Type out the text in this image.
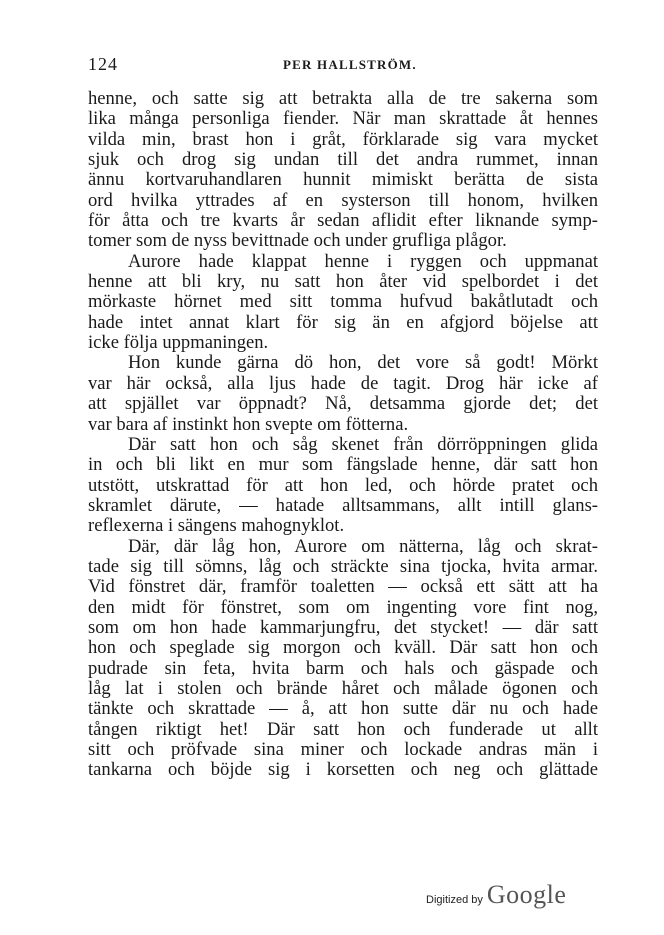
124	PER HALLSTRÖM.
henne, och satte sig att betrakta alla de tre sakerna som
lika många personliga fiender. När man skrattade åt hennes
vilda min, brast hon i gråt, förklarade sig vara mycket
sjuk och drog sig undan till det andra rummet, innan
ännu kortvaruhandlaren hunnit mimiskt berätta de sista
ord hvilka yttrades af en systerson till honom, hvilken
för åtta och tre kvarts år sedan aflidit efter liknande symp-
tomer som de nyss bevittnade och under grufliga plågor.
Aurore hade klappat henne i ryggen och uppmanat
henne att bli kry, nu satt hon åter vid spelbordet i det
mörkaste hörnet med sitt tomma hufvud bakåtlutadt och
hade intet annat klart för sig än en afgjord böjelse att
icke följa uppmaningen.
Hon kunde gärna dö hon, det vore så godt! Mörkt
var här också, alla ljus hade de tagit. Drog här icke af
att spjället var öppnadt? Nå, detsamma gjorde det; det
var bara af instinkt hon svepte om fötterna.
Där satt hon och såg skenet från dörröppningen glida
in och bli likt en mur som fängslade henne, där satt hon
utstött, utskrattad för att hon led, och hörde pratet och
skramlet därute, — hatade alltsammans, allt intill glans-
reflexerna i sängens mahognyklot.
Där, där låg hon, Aurore om nätterna, låg och skrat-
tade sig till sömns, låg och sträckte sina tjocka, hvita armar.
Vid fönstret där, framför toaletten — också ett sätt att ha
den midt för fönstret, som om ingenting vore fint nog,
som om hon hade kammarjungfru, det stycket! — där satt
hon och speglade sig morgon och kväll. Där satt hon och
pudrade sin feta, hvita barm och hals och gäspade och
låg lat i stolen och brände håret och målade ögonen och
tänkte och skrattade — å, att hon sutte där nu och hade
tången riktigt het! Där satt hon och funderade ut allt
sitt och pröfvade sina miner och lockade andras män i
tankarna och böjde sig i korsetten och neg och glättade
Digitized by Google
